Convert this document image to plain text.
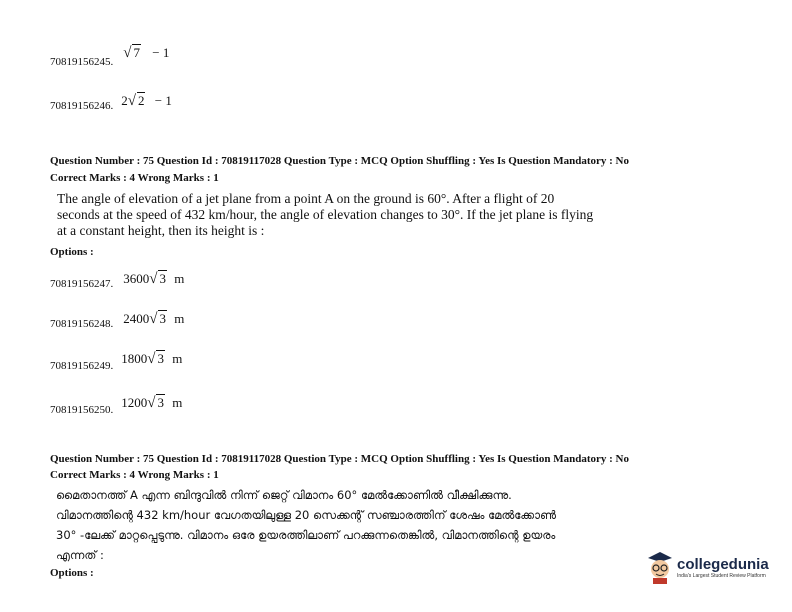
70819156245. $^{√ 7 - 1}$
70819156246. $^{2√ 2 - 1}$
Question Number : 75 Question Id : 70819117028 Question Type : MCQ Option Shuffling : Yes Is Question Mandatory : No
Correct Marks : 4 Wrong Marks : 1
The angle of elevation of a jet plane from a point A on the ground is 60°. After a flight of 20 seconds at the speed of 432 km/hour, the angle of elevation changes to 30°. If the jet plane is flying at a constant height, then its height is :
Options :
70819156247. $^{3600√ 3 m}$
70819156248. $^{2400√ 3 m}$
70819156249. $^{1800√ 3 m}$
70819156250. $^{1200√ 3 m}$
Question Number : 75 Question Id : 70819117028 Question Type : MCQ Option Shuffling : Yes Is Question Mandatory : No
Correct Marks : 4 Wrong Marks : 1
മൈതാനത്ത് A എന്ന ബിന്ദുവിൽ നിന്ന് ജെറ്റ് വിമാനം 60° മേൽക്കോണിൽ വീക്ഷിക്കുന്നു. വിമാനത്തിന്റെ 432 km/hour വേഗതയിലുള്ള 20 സെക്കന്റ് സഞ്ചാരത്തിന് ശേഷം മേൽക്കോൺ 30° -ലേക്ക് മാറ്റപ്പെടുന്നു. വിമാനം ഒരേ ഉയരത്തിലാണ് പറക്കുന്നതെങ്കിൽ, വിമാനത്തിന്റെ ഉയരം എന്നത് :
Options :
collegedunia
India's Largest Student Review Platform
